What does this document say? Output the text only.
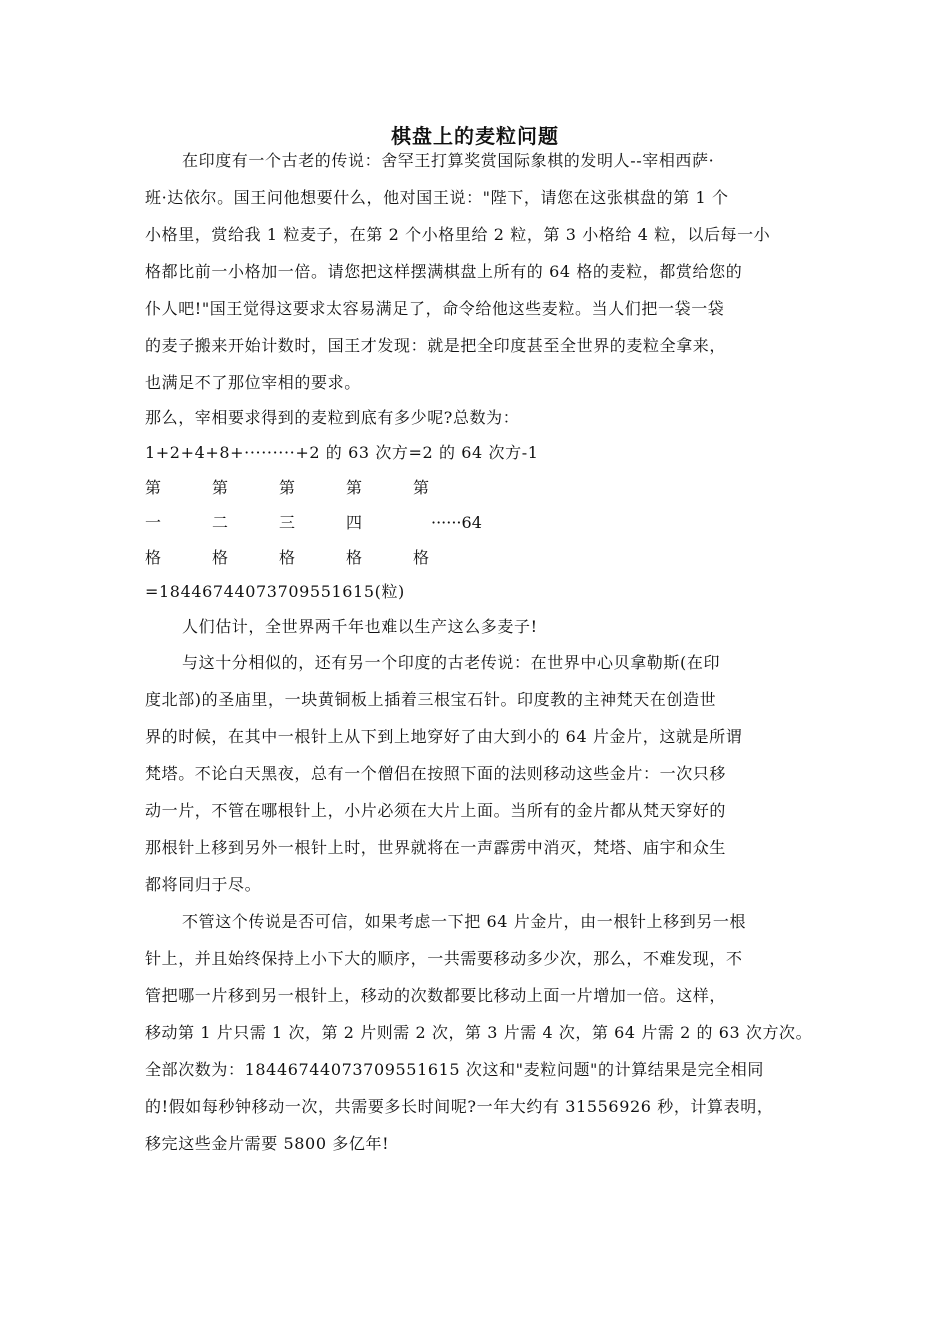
棋盘上的麦粒问题
在印度有一个古老的传说：舍罕王打算奖赏国际象棋的发明人--宰相西萨·
班·达依尔。国王问他想要什么，他对国王说："陛下，请您在这张棋盘的第 1 个
小格里，赏给我 1 粒麦子，在第 2 个小格里给 2 粒，第 3 小格给 4 粒，以后每一小
格都比前一小格加一倍。请您把这样摆满棋盘上所有的 64 格的麦粒，都赏给您的
仆人吧!"国王觉得这要求太容易满足了，命令给他这些麦粒。当人们把一袋一袋
的麦子搬来开始计数时，国王才发现：就是把全印度甚至全世界的麦粒全拿来，
也满足不了那位宰相的要求。
那么，宰相要求得到的麦粒到底有多少呢?总数为：
1+2+4+8+·········+2 的 63 次方=2 的 64 次方-1
第	第	第	第	第
一	二	三	四	······64
格	格	格	格	格
=18446744073709551615(粒)
人们估计，全世界两千年也难以生产这么多麦子!
与这十分相似的，还有另一个印度的古老传说：在世界中心贝拿勒斯(在印
度北部)的圣庙里，一块黄铜板上插着三根宝石针。印度教的主神梵天在创造世
界的时候，在其中一根针上从下到上地穿好了由大到小的 64 片金片，这就是所谓
梵塔。不论白天黑夜，总有一个僧侣在按照下面的法则移动这些金片：一次只移
动一片，不管在哪根针上，小片必须在大片上面。当所有的金片都从梵天穿好的
那根针上移到另外一根针上时，世界就将在一声霹雳中消灭，梵塔、庙宇和众生
都将同归于尽。
不管这个传说是否可信，如果考虑一下把 64 片金片，由一根针上移到另一根
针上，并且始终保持上小下大的顺序，一共需要移动多少次，那么，不难发现，不
管把哪一片移到另一根针上，移动的次数都要比移动上面一片增加一倍。这样，
移动第 1 片只需 1 次，第 2 片则需 2 次，第 3 片需 4 次，第 64 片需 2 的 63 次方次。
全部次数为：18446744073709551615 次这和"麦粒问题"的计算结果是完全相同
的!假如每秒钟移动一次，共需要多长时间呢?一年大约有 31556926 秒，计算表明，
移完这些金片需要 5800 多亿年!
